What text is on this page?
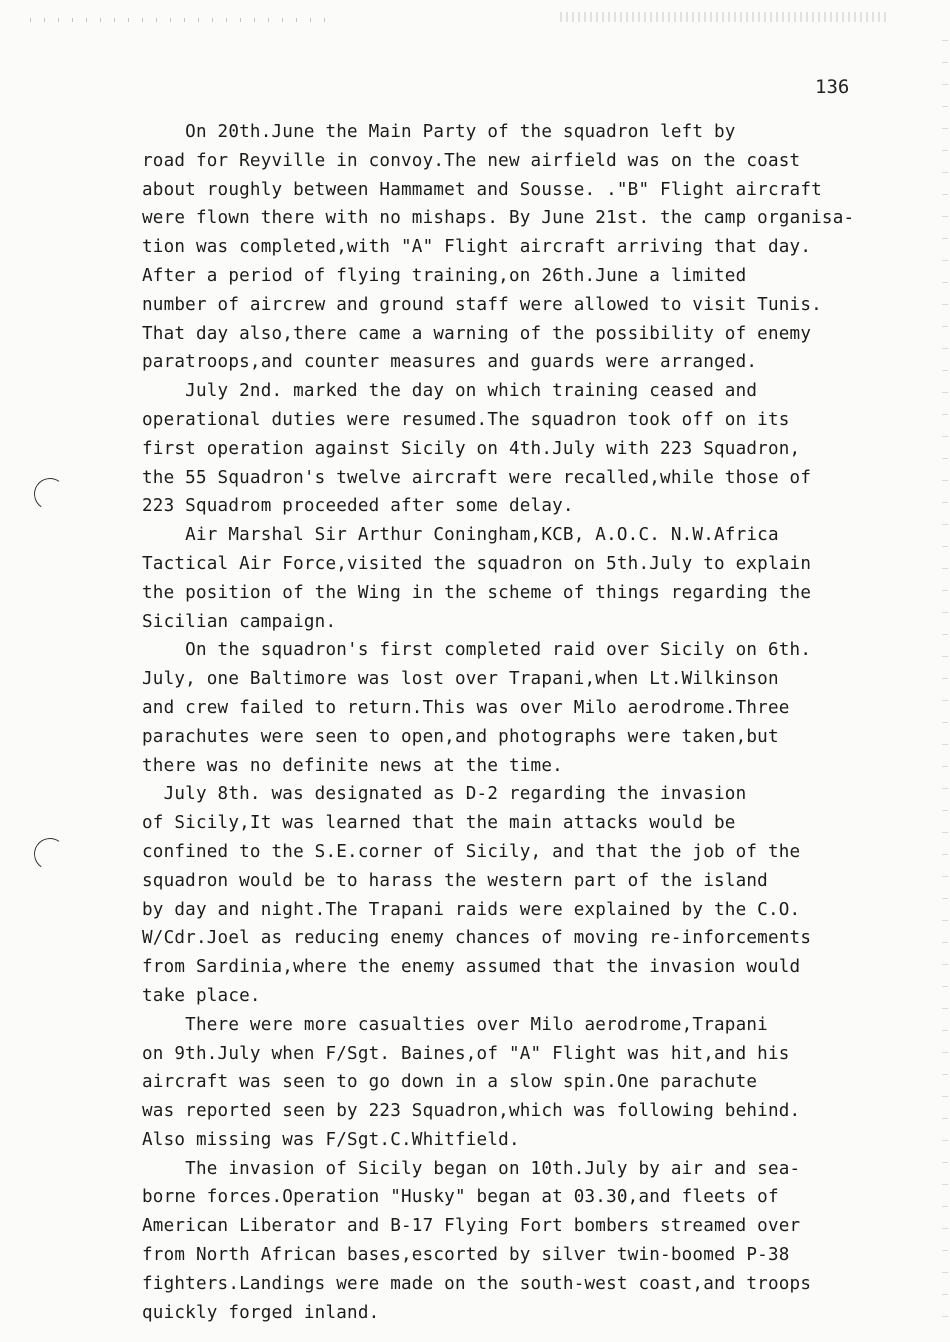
136
On 20th.June the Main Party of the squadron left by
road for Reyville in convoy.The new airfield was on the coast
about roughly between Hammamet and Sousse. ."B" Flight aircraft
were flown there with no mishaps. By June 21st. the camp organisa-
tion was completed,with "A" Flight aircraft arriving that day.
After a period of flying training,on 26th.June a limited
number of aircrew and ground staff were allowed to visit Tunis.
That day also,there came a warning of the possibility of enemy
paratroops,and counter measures and guards were arranged.
July 2nd. marked the day on which training ceased and
operational duties were resumed.The squadron took off on its
first operation against Sicily on 4th.July with 223 Squadron,
the 55 Squadron's twelve aircraft were recalled,while those of
223 Squadrom proceeded after some delay.
Air Marshal Sir Arthur Coningham,KCB, A.O.C. N.W.Africa
Tactical Air Force,visited the squadron on 5th.July to explain
the position of the Wing in the scheme of things regarding the
Sicilian campaign.
On the squadron's first completed raid over Sicily on 6th.
July, one Baltimore was lost over Trapani,when Lt.Wilkinson
and crew failed to return.This was over Milo aerodrome.Three
parachutes were seen to open,and photographs were taken,but
there was no definite news at the time.
July 8th. was designated as D-2 regarding the invasion
of Sicily,It was learned that the main attacks would be
confined to the S.E.corner of Sicily, and that the job of the
squadron would be to harass the western part of the island
by day and night.The Trapani raids were explained by the C.O.
W/Cdr.Joel as reducing enemy chances of moving re-inforcements
from Sardinia,where the enemy assumed that the invasion would
take place.
There were more casualties over Milo aerodrome,Trapani
on 9th.July when F/Sgt. Baines,of "A" Flight was hit,and his
aircraft was seen to go down in a slow spin.One parachute
was reported seen by 223 Squadron,which was following behind.
Also missing was F/Sgt.C.Whitfield.
The invasion of Sicily began on 10th.July by air and sea-
borne forces.Operation "Husky" began at 03.30,and fleets of
American Liberator and B-17 Flying Fort bombers streamed over
from North African bases,escorted by silver twin-boomed P-38
fighters.Landings were made on the south-west coast,and troops
quickly forged inland.
